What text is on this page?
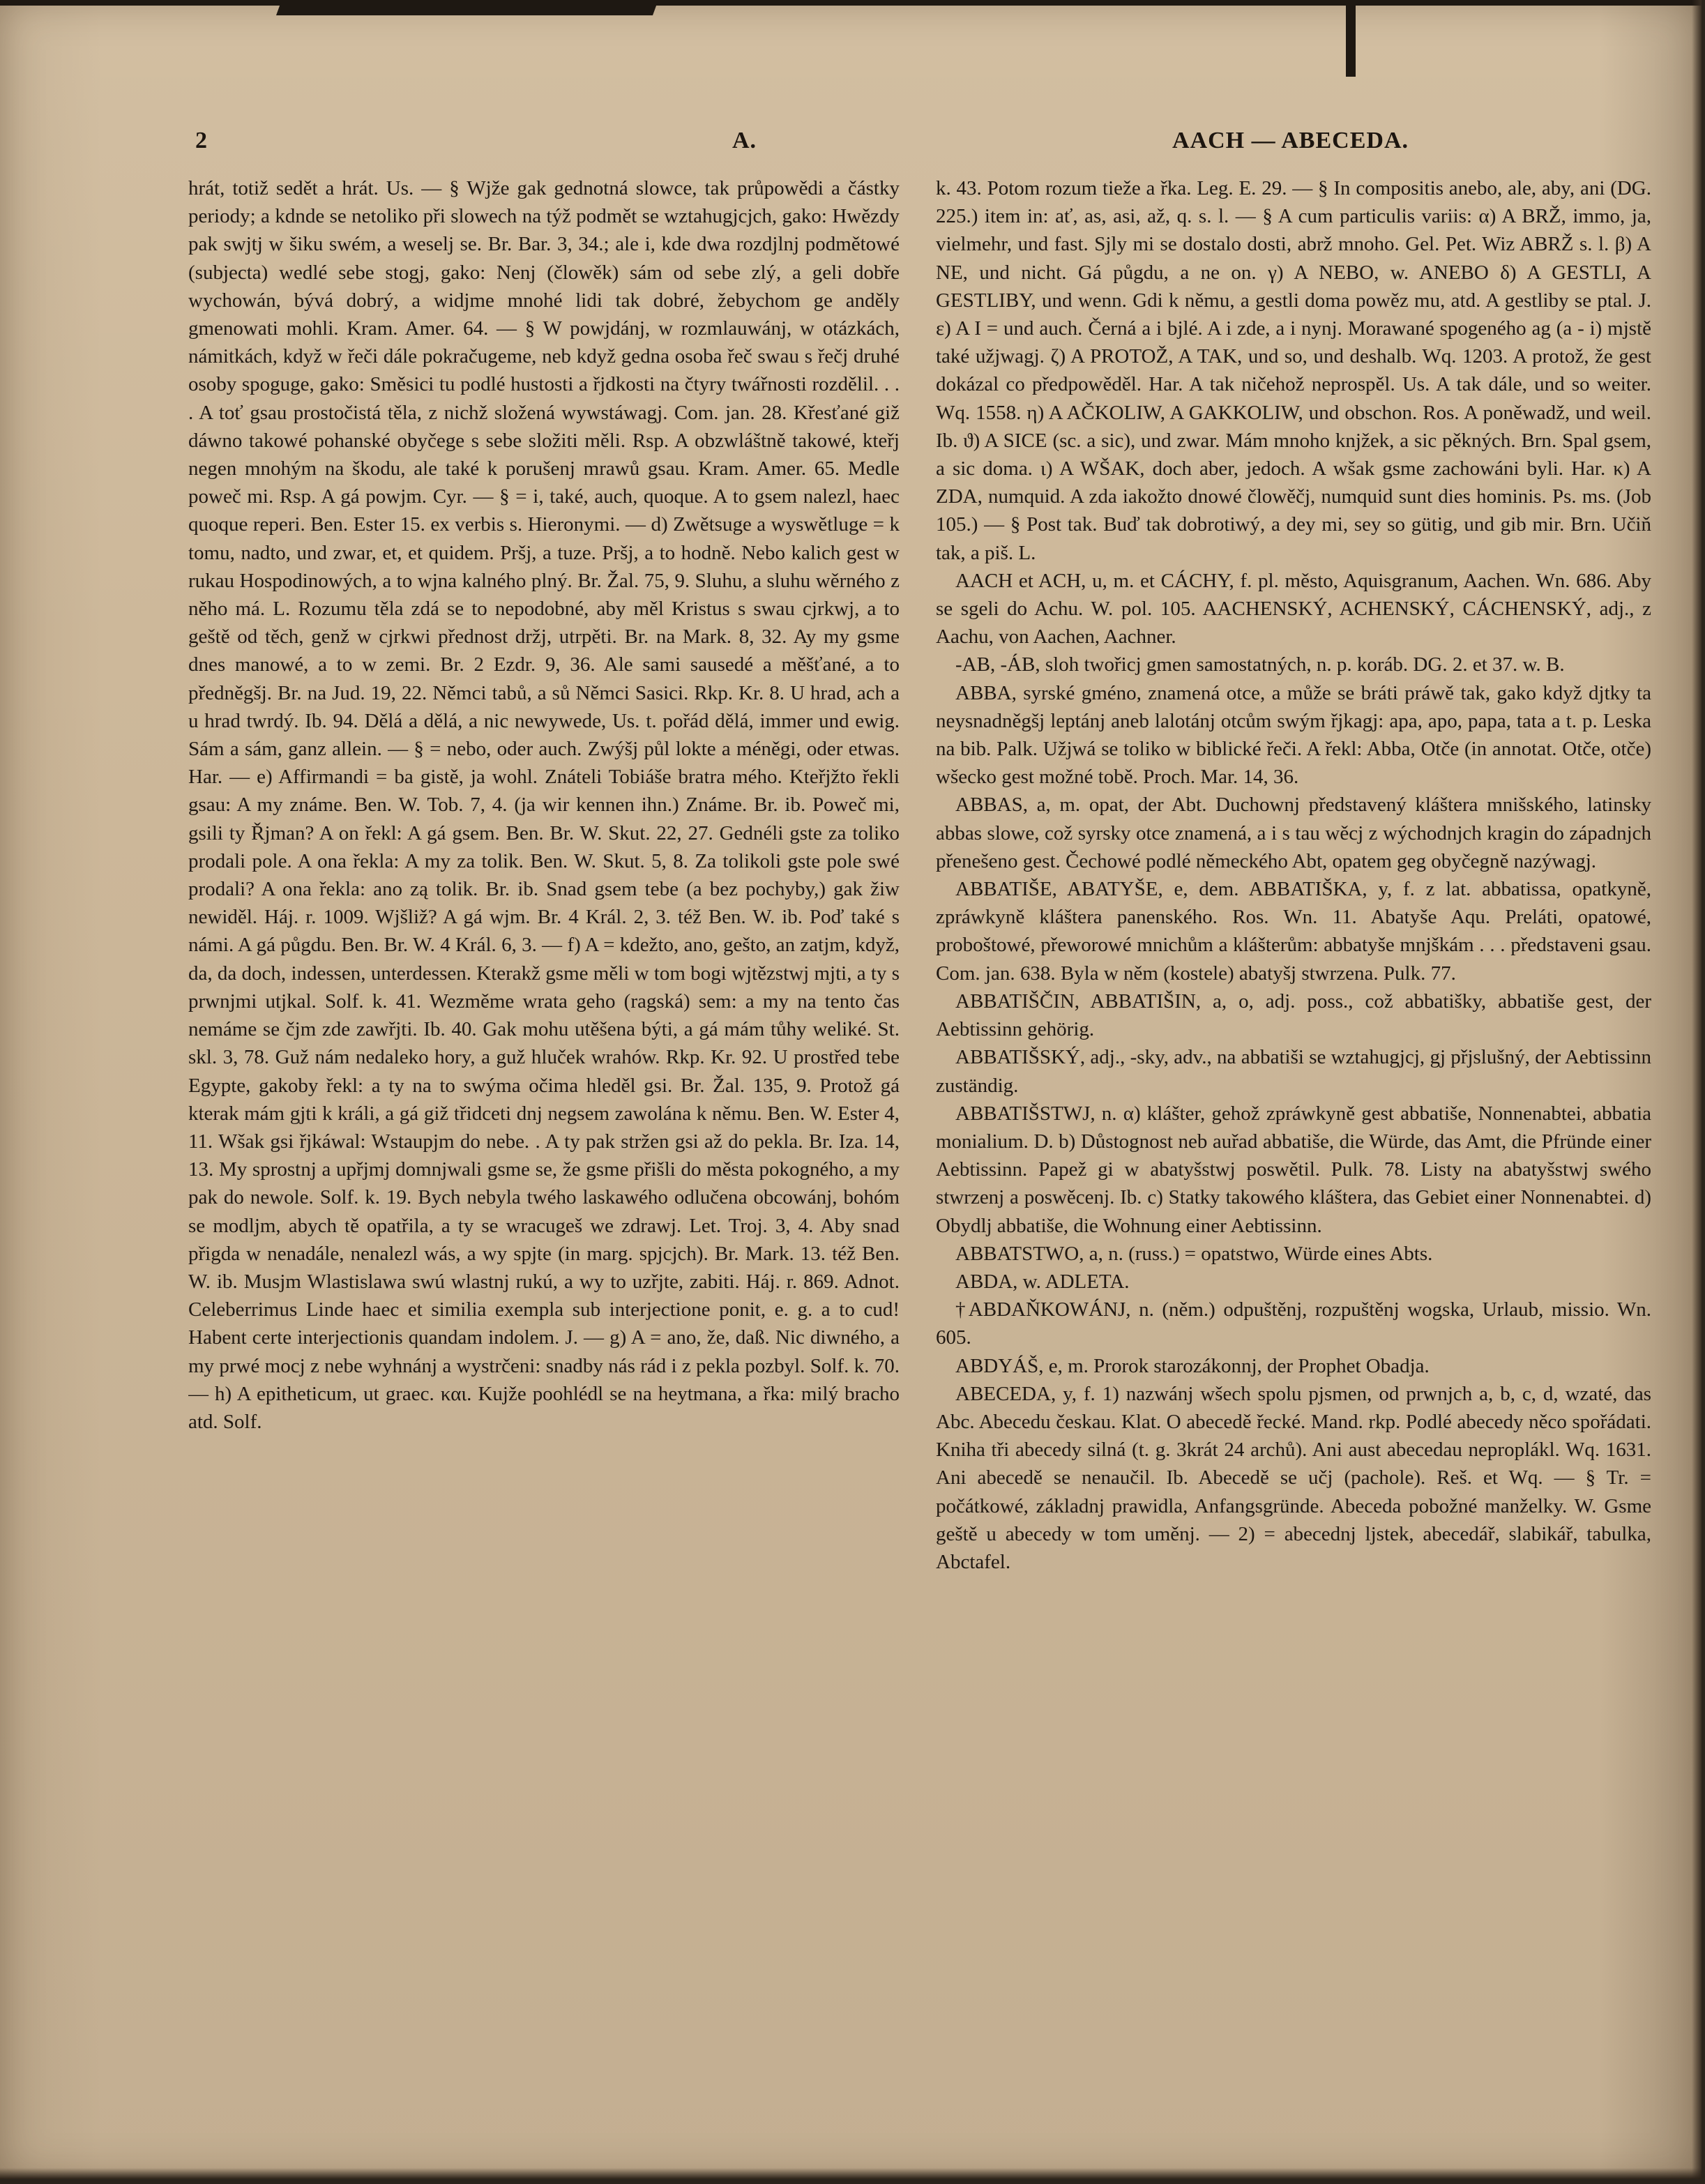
2	A.	AACH — ABECEDA.

hrát, totiž sedět a hrát. Us. — § Wjže gak gednotná slowce, tak průpowědi a částky periody; a kdnde se netoliko při slowech na týž podmět se wztahugjcjch, gako: Hwězdy pak swjtj w šiku swém, a weselj se. Br. Bar. 3, 34.; ale i, kde dwa rozdjlnj podmětowé (subjecta) wedlé sebe stogj, gako: Nenj (člowěk) sám od sebe zlý, a geli dobře wychowán, bývá dobrý, a widjme mnohé lidi tak dobré, žebychom ge anděly gmenowati mohli. Kram. Amer. 64. — § W powjdánj, w rozmlauwánj, w otázkách, námitkách, když w řeči dále pokračugeme, neb když gedna osoba řeč swau s řečj druhé osoby spoguge, gako: Směsici tu podlé hustosti a řjdkosti na čtyry twářnosti rozdělil. . . . A toť gsau prostočistá těla, z nichž složená wywstáwagj. Com. jan. 28. Křesťané giž dáwno takowé pohanské obyčege s sebe složiti měli. Rsp. A obzwláštně takowé, kteřj negen mnohým na škodu, ale také k porušenj mrawů gsau. Kram. Amer. 65. Medle poweč mi. Rsp. A gá powjm. Cyr. — § = i, také, auch, quoque. A to gsem nalezl, haec quoque reperi. Ben. Ester 15. ex verbis s. Hieronymi. — d) Zwětsuge a wyswětluge = k tomu, nadto, und zwar, et, et quidem. Pršj, a tuze. Pršj, a to hodně. Nebo kalich gest w rukau Hospodinowých, a to wjna kalného plný. Br. Žal. 75, 9. Sluhu, a sluhu wěrného z něho má. L. Rozumu těla zdá se to nepodobné, aby měl Kristus s swau cjrkwj, a to geště od těch, genž w cjrkwi přednost držj, utrpěti. Br. na Mark. 8, 32. Ay my gsme dnes manowé, a to w zemi. Br. 2 Ezdr. 9, 36. Ale sami sausedé a měšťané, a to předněgšj. Br. na Jud. 19, 22. Němci tabů, a sů Němci Sasici. Rkp. Kr. 8. U hrad, ach a u hrad twrdý. Ib. 94. Dělá a dělá, a nic newywede, Us. t. pořád dělá, immer und ewig. Sám a sám, ganz allein. — § = nebo, oder auch. Zwýšj půl lokte a méněgi, oder etwas. Har. — e) Affirmandi = ba gistě, ja wohl. Znáteli Tobiáše bratra mého. Kteřjžto řekli gsau: A my známe. Ben. W. Tob. 7, 4. (ja wir kennen ihn.) Známe. Br. ib. Poweč mi, gsili ty Řjman? A on řekl: A gá gsem. Ben. Br. W. Skut. 22, 27. Gednéli gste za toliko prodali pole. A ona řekla: A my za tolik. Ben. W. Skut. 5, 8. Za tolikoli gste pole swé prodali? A ona řekla: ano zą tolik. Br. ib. Snad gsem tebe (a bez pochyby,) gak žiw newiděl. Háj. r. 1009. Wjšliž? A gá wjm. Br. 4 Král. 2, 3. též Ben. W. ib. Poď také s námi. A gá půgdu. Ben. Br. W. 4 Král. 6, 3. — f) A = kdežto, ano, gešto, an zatjm, když, da, da doch, indessen, unterdessen. Kterakž gsme měli w tom bogi wjtězstwj mjti, a ty s prwnjmi utjkal. Solf. k. 41. Wezměme wrata geho (ragská) sem: a my na tento čas nemáme se čjm zde zawřjti. Ib. 40. Gak mohu utěšena býti, a gá mám tůhy weliké. St. skl. 3, 78. Guž nám nedaleko hory, a guž hluček wrahów. Rkp. Kr. 92. U prostřed tebe Egypte, gakoby řekl: a ty na to swýma očima hleděl gsi. Br. Žal. 135, 9. Protož gá kterak mám gjti k králi, a gá giž třidceti dnj negsem zawolána k němu. Ben. W. Ester 4, 11. Wšak gsi řjkáwal: Wstaupjm do nebe. . A ty pak stržen gsi až do pekla. Br. Iza. 14, 13. My sprostnj a upřjmj domnjwali gsme se, že gsme přišli do města pokogného, a my pak do newole. Solf. k. 19. Bych nebyla twého laskawého odlučena obcowánj, bohóm se modljm, abych tě opatřila, a ty se wracugeš we zdrawj. Let. Troj. 3, 4. Aby snad přigda w nenadále, nenalezl wás, a wy spjte (in marg. spjcjch). Br. Mark. 13. též Ben. W. ib. Musjm Wlastislawa swú wlastnj rukú, a wy to uzřjte, zabiti. Háj. r. 869. Adnot. Celeberrimus Linde haec et similia exempla sub interjectione ponit, e. g. a to cud! Habent certe interjectionis quandam indolem. J. — g) A = ano, že, daß. Nic diwného, a my prwé mocj z nebe wyhnánj a wystrčeni: snadby nás rád i z pekla pozbyl. Solf. k. 70. — h) A epitheticum, ut graec. και. Kujže poohlédl se na heytmana, a řka: milý bracho atd. Solf.

k. 43. Potom rozum tieže a řka. Leg. E. 29. — § In compositis anebo, ale, aby, ani (DG. 225.) item in: ať, as, asi, až, q. s. l. — § A cum particulis variis: α) A BRŽ, immo, ja, vielmehr, und fast. Sjly mi se dostalo dosti, abrž mnoho. Gel. Pet. Wiz ABRŽ s. l. β) A NE, und nicht. Gá půgdu, a ne on. γ) A NEBO, w. ANEBO δ) A GESTLI, A GESTLIBY, und wenn. Gdi k němu, a gestli doma powěz mu, atd. A gestliby se ptal. J. ε) A I = und auch. Černá a i bjlé. A i zde, a i nynj. Morawané spogeného ag (a - i) mjstě také užjwagj. ζ) A PROTOŽ, A TAK, und so, und deshalb. Wq. 1203. A protož, že gest dokázal co předpowěděl. Har. A tak ničehož neprospěl. Us. A tak dále, und so weiter. Wq. 1558. η) A AČKOLIW, A GAKKOLIW, und obschon. Ros. A poněwadž, und weil. Ib. ϑ) A SICE (sc. a sic), und zwar. Mám mnoho knjžek, a sic pěkných. Brn. Spal gsem, a sic doma. ι) A WŠAK, doch aber, jedoch. A wšak gsme zachowáni byli. Har. κ) A ZDA, numquid. A zda iakožto dnowé člowěčj, numquid sunt dies hominis. Ps. ms. (Job 105.) — § Post tak. Buď tak dobrotiwý, a dey mi, sey so gütig, und gib mir. Brn. Učiň tak, a piš. L.

AACH et ACH, u, m. et CÁCHY, f. pl. město, Aquisgranum, Aachen. Wn. 686. Aby se sgeli do Achu. W. pol. 105. AACHENSKÝ, ACHENSKÝ, CÁCHENSKÝ, adj., z Aachu, von Aachen, Aachner.

-AB, -ÁB, sloh twořicj gmen samostatných, n. p. koráb. DG. 2. et 37. w. B.

ABBA, syrské gméno, znamená otce, a může se bráti práwě tak, gako když djtky ta neysnadněgšj leptánj aneb lalotánj otcům swým řjkagj: apa, apo, papa, tata a t. p. Leska na bib. Palk. Užjwá se toliko w biblické řeči. A řekl: Abba, Otče (in annotat. Otče, otče) wšecko gest možné tobě. Proch. Mar. 14, 36.

ABBAS, a, m. opat, der Abt. Duchownj představený kláštera mnišského, latinsky abbas slowe, což syrsky otce znamená, a i s tau wěcj z wýchodnjch kragin do západnjch přenešeno gest. Čechowé podlé německého Abt, opatem geg obyčegně nazýwagj.

ABBATIŠE, ABATYŠE, e, dem. ABBATIŠKA, y, f. z lat. abbatissa, opatkyně, zpráwkyně kláštera panenského. Ros. Wn. 11. Abatyše Aqu. Preláti, opatowé, proboštowé, přeworowé mnichům a klášterům: abbatyše mnjškám . . . představeni gsau. Com. jan. 638. Byla w něm (kostele) abatyšj stwrzena. Pulk. 77.

ABBATIŠČIN, ABBATIŠIN, a, o, adj. poss., což abbatišky, abbatiše gest, der Aebtissinn gehörig.

ABBATIŠSKÝ, adj., -sky, adv., na abbatiši se wztahugjcj, gj přjslušný, der Aebtissinn zuständig.

ABBATIŠSTWJ, n. α) klášter, gehož zpráwkyně gest abbatiše, Nonnenabtei, abbatia monialium. D. b) Důstognost neb auřad abbatiše, die Würde, das Amt, die Pfründe einer Aebtissinn. Papež gi w abatyšstwj poswětil. Pulk. 78. Listy na abatyšstwj swého stwrzenj a poswěcenj. Ib. c) Statky takowého kláštera, das Gebiet einer Nonnenabtei. d) Obydlj abbatiše, die Wohnung einer Aebtissinn.

ABBATSTWO, a, n. (russ.) = opatstwo, Würde eines Abts.

ABDA, w. ADLETA.

†ABDAŇKOWÁNJ, n. (něm.) odpuštěnj, rozpuštěnj wogska, Urlaub, missio. Wn. 605.

ABDYÁŠ, e, m. Prorok starozákonnj, der Prophet Obadja.

ABECEDA, y, f. 1) nazwánj wšech spolu pjsmen, od prwnjch a, b, c, d, wzaté, das Abc. Abecedu česk​au. Klat. O abecedě řecké. Mand. rkp. Podlé abecedy něco spořádati. Kniha tři abecedy silná (t. g. 3krát 24 archů). Ani aust abecedau neproplákl. Wq. 1631. Ani abecedě se nenaučil. Ib. Abecedě se učj (pachole). Reš. et Wq. — § Tr. = počátkowé, základnj prawidla, Anfangsgründe. Abeceda pobožné manželky. W. Gsme geště u abecedy w tom uměnj. — 2) = abecednj ljstek, abecedář, slabikář, tabulka, Abctafel.
